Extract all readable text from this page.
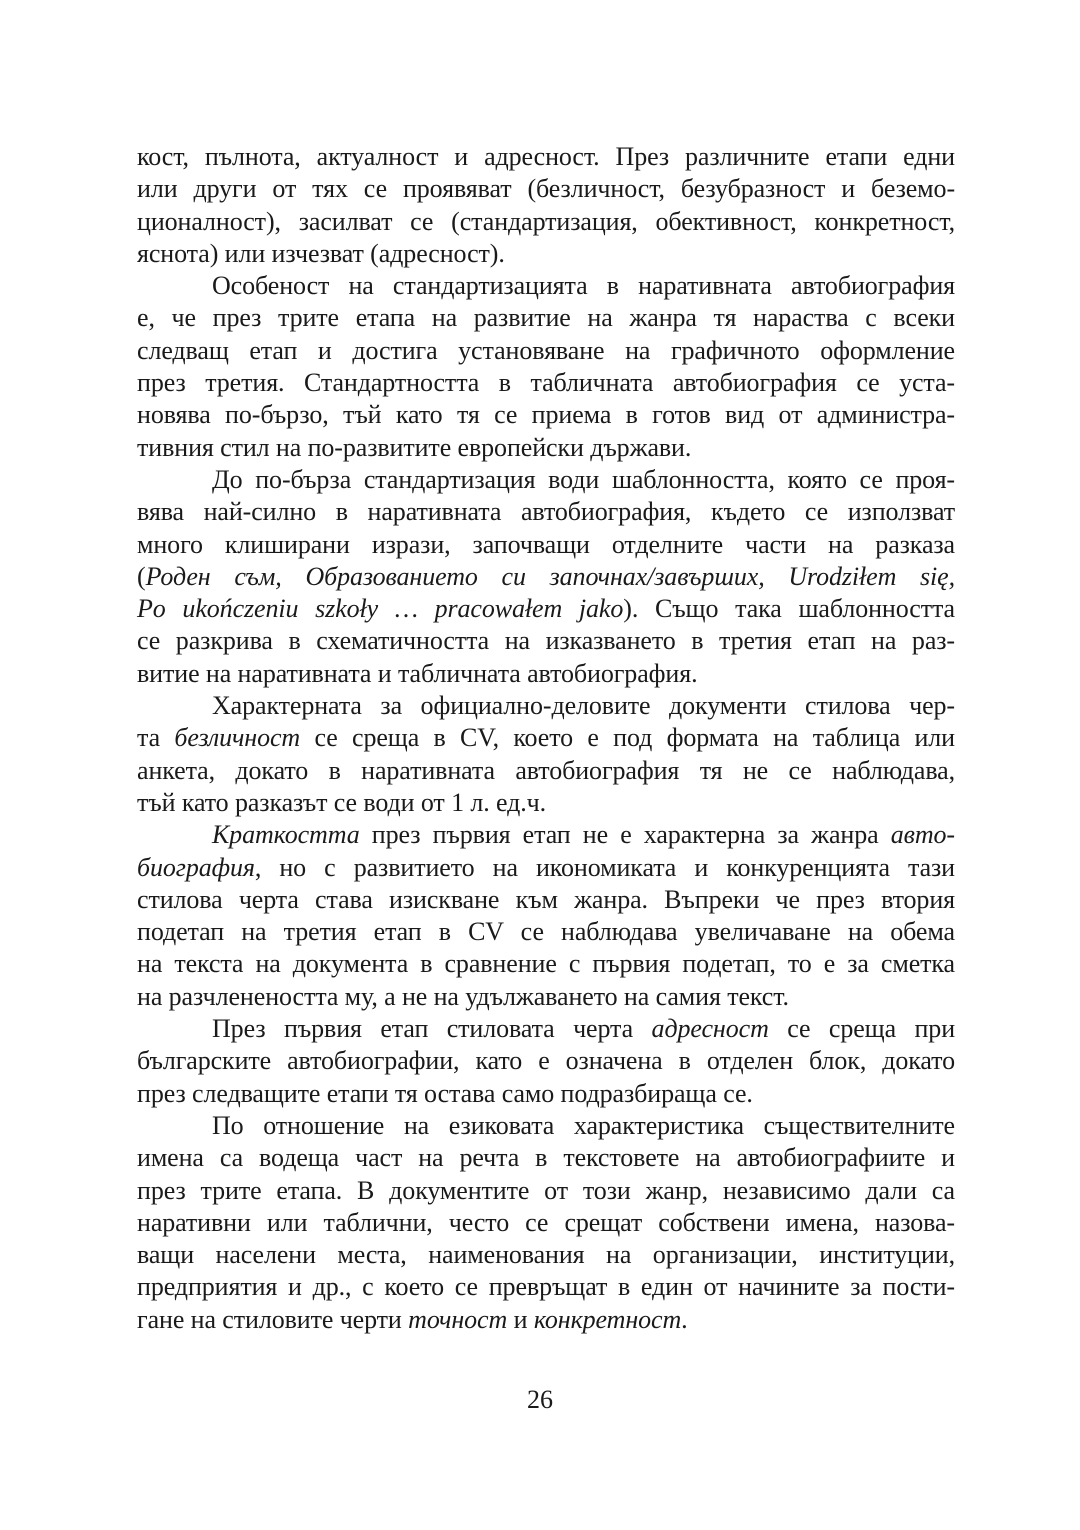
кост, пълнота, актуалност и адресност. През различните етапи едни
или други от тях се проявяват (безличност, безубразност и беземо-
ционалност), засилват се (стандартизация, обективност, конкретност,
яснота) или изчезват (адресност).
Особеност на стандартизацията в наративната автобиография
е, че през трите етапа на развитие на жанра тя нараства с всеки
следващ етап и достига установяване на графичното оформление
през третия. Стандартността в табличната автобиография се уста-
новява по-бързо, тъй като тя се приема в готов вид от администра-
тивния стил на по-развитите европейски държави.
До по-бърза стандартизация води шаблонността, която се проя-
вява най-силно в наративната автобиография, където се използват
много клиширани изрази, започващи отделните части на разказа
(Роден съм, Образованието си започнах/завърших, Urodziłem się,
Po ukończeniu szkoły … pracowałem jako). Също така шаблонността
се разкрива в схематичността на изказването в третия етап на раз-
витие на наративната и табличната автобиография.
Характерната за официално-деловите документи стилова чер-
та безличност се среща в CV, което е под формата на таблица или
анкета, докато в наративната автобиография тя не се наблюдава,
тъй като разказът се води от 1 л. ед.ч.
Краткостта през първия етап не е характерна за жанра авто-
биография, но с развитието на икономиката и конкуренцията тази
стилова черта става изискване към жанра. Въпреки че през втория
подетап на третия етап в CV се наблюдава увеличаване на обема
на текста на документа в сравнение с първия подетап, то е за сметка
на разчленеността му, а не на удължаването на самия текст.
През първия етап стиловата черта адресност се среща при
българските автобиографии, като е означена в отделен блок, докато
през следващите етапи тя остава само подразбираща се.
По отношение на езиковата характеристика съществителните
имена са водеща част на речта в текстовете на автобиографиите и
през трите етапа. В документите от този жанр, независимо дали са
наративни или таблични, често се срещат собствени имена, назова-
ващи населени места, наименования на организации, институции,
предприятия и др., с което се превръщат в един от начините за пости-
гане на стиловите черти точност и конкретност.
26
